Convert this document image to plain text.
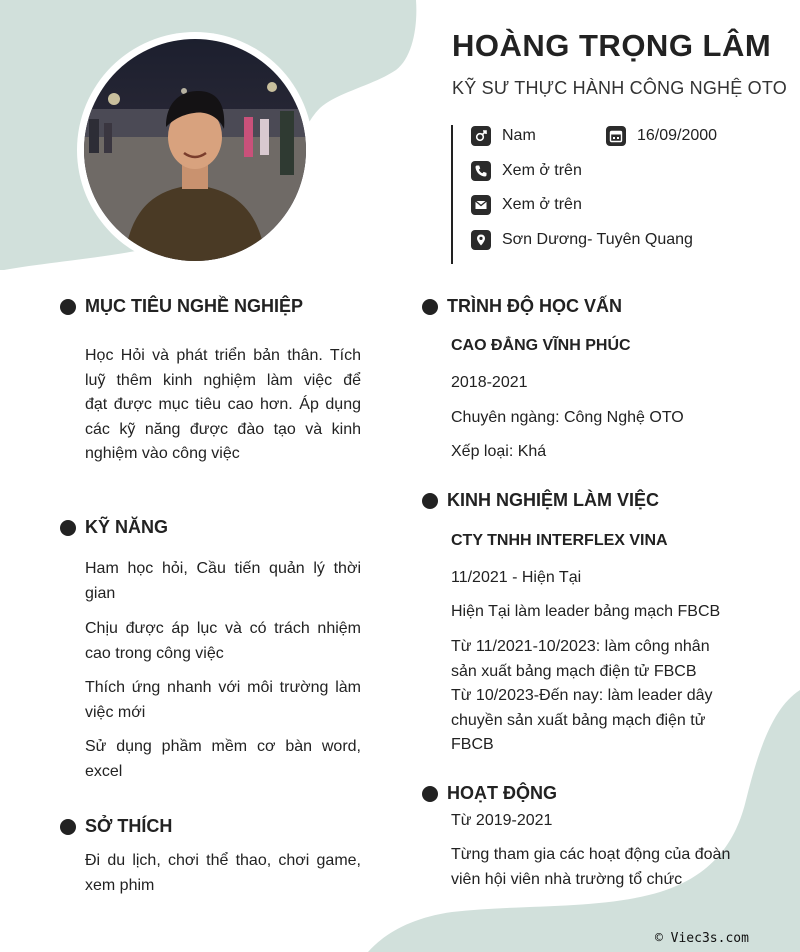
HOÀNG TRỌNG LÂM
KỸ SƯ THỰC HÀNH CÔNG NGHỆ OTO
Nam	16/09/2000
Xem ở trên
Xem ở trên
Sơn Dương- Tuyên Quang
MỤC TIÊU NGHỀ NGHIỆP
Học Hỏi và phát triển bản thân. Tích
luỹ thêm kinh nghiệm làm việc để
đạt được mục tiêu cao hơn. Áp dụng
các kỹ năng được đào tạo và kinh
nghiệm vào công việc
KỸ NĂNG
Ham học hỏi, Cầu tiến quản lý thời
gian
Chịu được áp lục và có trách nhiệm
cao trong công việc
Thích ứng nhanh với môi trường làm
việc mới
Sử dụng phầm mềm cơ bàn word,
excel
SỞ THÍCH
Đi du lịch, chơi thể thao, chơi game,
xem phim
TRÌNH ĐỘ HỌC VẤN
CAO ĐẲNG VĨNH PHÚC
2018-2021
Chuyên ngàng: Công Nghệ OTO
Xếp loại: Khá
KINH NGHIỆM LÀM VIỆC
CTY TNHH INTERFLEX VINA
11/2021 - Hiện Tại
Hiện Tại làm leader bảng mạch FBCB
Từ 11/2021-10/2023: làm công nhân
sản xuất bảng mạch điện tử FBCB
Từ 10/2023-Đến nay: làm leader dây
chuyền sản xuất bảng mạch điện tử
FBCB
HOẠT ĐỘNG
Từ 2019-2021
Từng tham gia các hoạt động của đoàn
viên hội viên nhà trường tổ chức
© Viec3s.com
